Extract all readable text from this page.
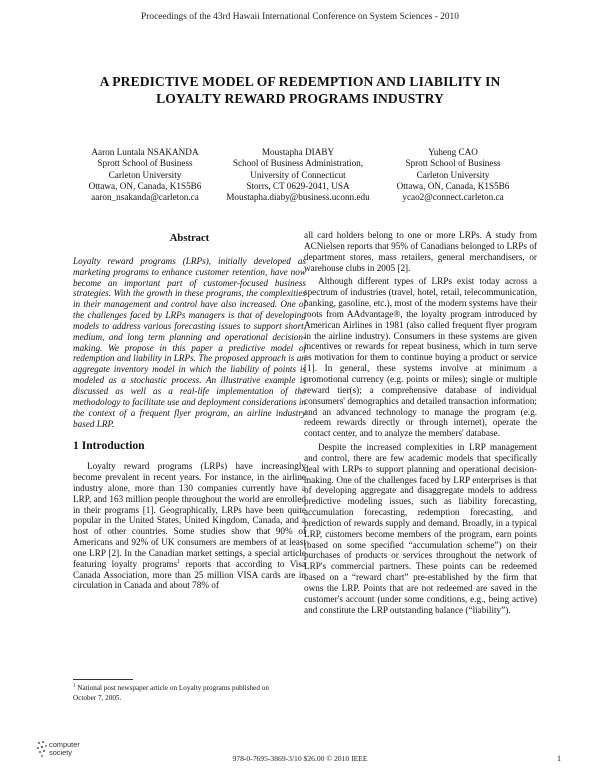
Proceedings of the 43rd Hawaii International Conference on System Sciences - 2010
A PREDICTIVE MODEL OF REDEMPTION AND LIABILITY IN
LOYALTY REWARD PROGRAMS INDUSTRY
Aaron Luntala NSAKANDA
Sprott School of Business
Carleton University
Ottawa, ON, Canada, K1S5B6
aaron_nsakanda@carleton.ca
Moustapha DIABY
School of Business Administration,
University of Connecticut
Storrs, CT 0629-2041, USA
Moustapha.diaby@business.uconn.edu
Yuheng CAO
Sprott School of Business
Carleton University
Ottawa, ON, Canada, K1S5B6
ycao2@connect.carleton.ca
Abstract

Loyalty reward programs (LRPs), initially developed as marketing programs to enhance customer retention, have now become an important part of customer-focused business strategies. With the growth in these programs, the complexities in their management and control have also increased. One of the challenges faced by LRPs managers is that of developing models to address various forecasting issues to support short, medium, and long term planning and operational decision-making. We propose in this paper a predictive model of redemption and liability in LRPs. The proposed approach is an aggregate inventory model in which the liability of points is modeled as a stochastic process. An illustrative example is discussed as well as a real-life implementation of the methodology to facilitate use and deployment considerations in the context of a frequent flyer program, an airline industry based LRP.

1 Introduction

Loyalty reward programs (LRPs) have increasingly become prevalent in recent years. For instance, in the airline industry alone, more than 130 companies currently have a LRP, and 163 million people throughout the world are enrolled in their programs [1]. Geographically, LRPs have been quite popular in the United States, United Kingdom, Canada, and a host of other countries. Some studies show that 90% of Americans and 92% of UK consumers are members of at least one LRP [2]. In the Canadian market settings, a special article featuring loyalty programs$^1$ reports that according to Visa Canada Association, more than 25 million VISA cards are in circulation in Canada and about 78% of

all card holders belong to one or more LRPs. A study from ACNielsen reports that 95% of Canadians belonged to LRPs of department stores, mass retailers, general merchandisers, or warehouse clubs in 2005 [2].

Although different types of LRPs exist today across a spectrum of industries (travel, hotel, retail, telecommunication, banking, gasoline, etc.), most of the modern systems have their roots from AAdvantage®, the loyalty program introduced by American Airlines in 1981 (also called frequent flyer program in the airline industry). Consumers in these systems are given incentives or rewards for repeat business, which in turn serve as motivation for them to continue buying a product or service [1]. In general, these systems involve at minimum a promotional currency (e.g. points or miles); single or multiple reward tier(s); a comprehensive database of individual consumers' demographics and detailed transaction information; and an advanced technology to manage the program (e.g. redeem rewards directly or through internet), operate the contact center, and to analyze the members' database.

Despite the increased complexities in LRP management and control, there are few academic models that specifically deal with LRPs to support planning and operational decision-making. One of the challenges faced by LRP enterprises is that of developing aggregate and disaggregate models to address predictive modeling issues, such as liability forecasting, accumulation forecasting, redemption forecasting, and prediction of rewards supply and demand. Broadly, in a typical LRP, customers become members of the program, earn points (based on some specified “accumulation scheme”) on their purchases of products or services throughout the network of LRP's commercial partners. These points can be redeemed based on a “reward chart” pre-established by the firm that owns the LRP. Points that are not redeemed are saved in the customer's account (under some conditions, e.g., being active) and constitute the LRP outstanding balance (“liability”).

$^1$ National post newspaper article on Loyalty programs published on October 7, 2005.
computer
society
978-0-7695-3869-3/10 $26.00 © 2010 IEEE	1
